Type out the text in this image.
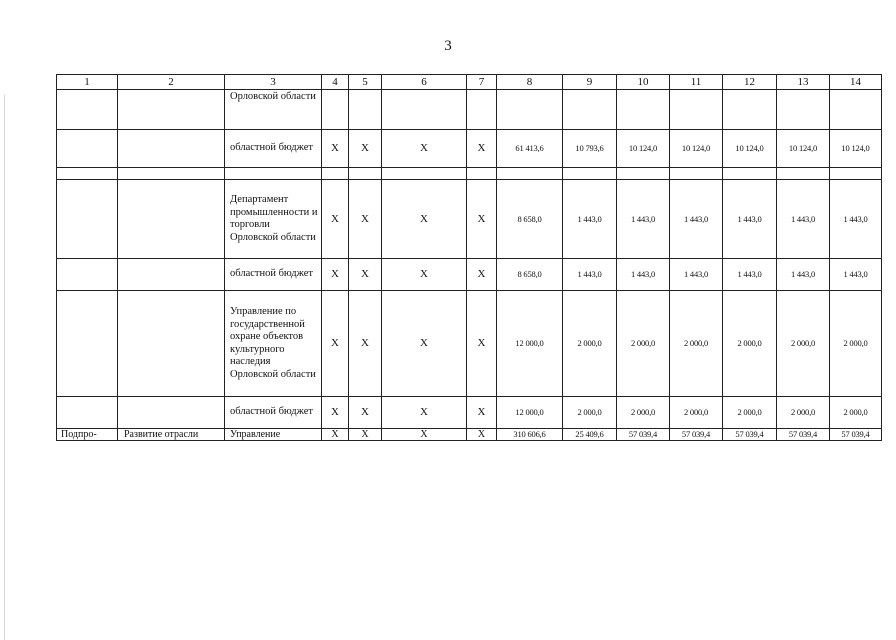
3
1	2	3	4	5	6	7	8	9	10	11	12	13	14
		Орловской области											
		областной бюджет	X	X	X	X	61 413,6	10 793,6	10 124,0	10 124,0	10 124,0	10 124,0	10 124,0

		Департамент промышленности и торговли Орловской области	X	X	X	X	8 658,0	1 443,0	1 443,0	1 443,0	1 443,0	1 443,0	1 443,0
		областной бюджет	X	X	X	X	8 658,0	1 443,0	1 443,0	1 443,0	1 443,0	1 443,0	1 443,0
		Управление по государственной охране объектов культурного наследия Орловской области	X	X	X	X	12 000,0	2 000,0	2 000,0	2 000,0	2 000,0	2 000,0	2 000,0
		областной бюджет	X	X	X	X	12 000,0	2 000,0	2 000,0	2 000,0	2 000,0	2 000,0	2 000,0
Подпро-	Развитие отрасли	Управление	X	X	X	X	310 606,6	25 409,6	57 039,4	57 039,4	57 039,4	57 039,4	57 039,4
